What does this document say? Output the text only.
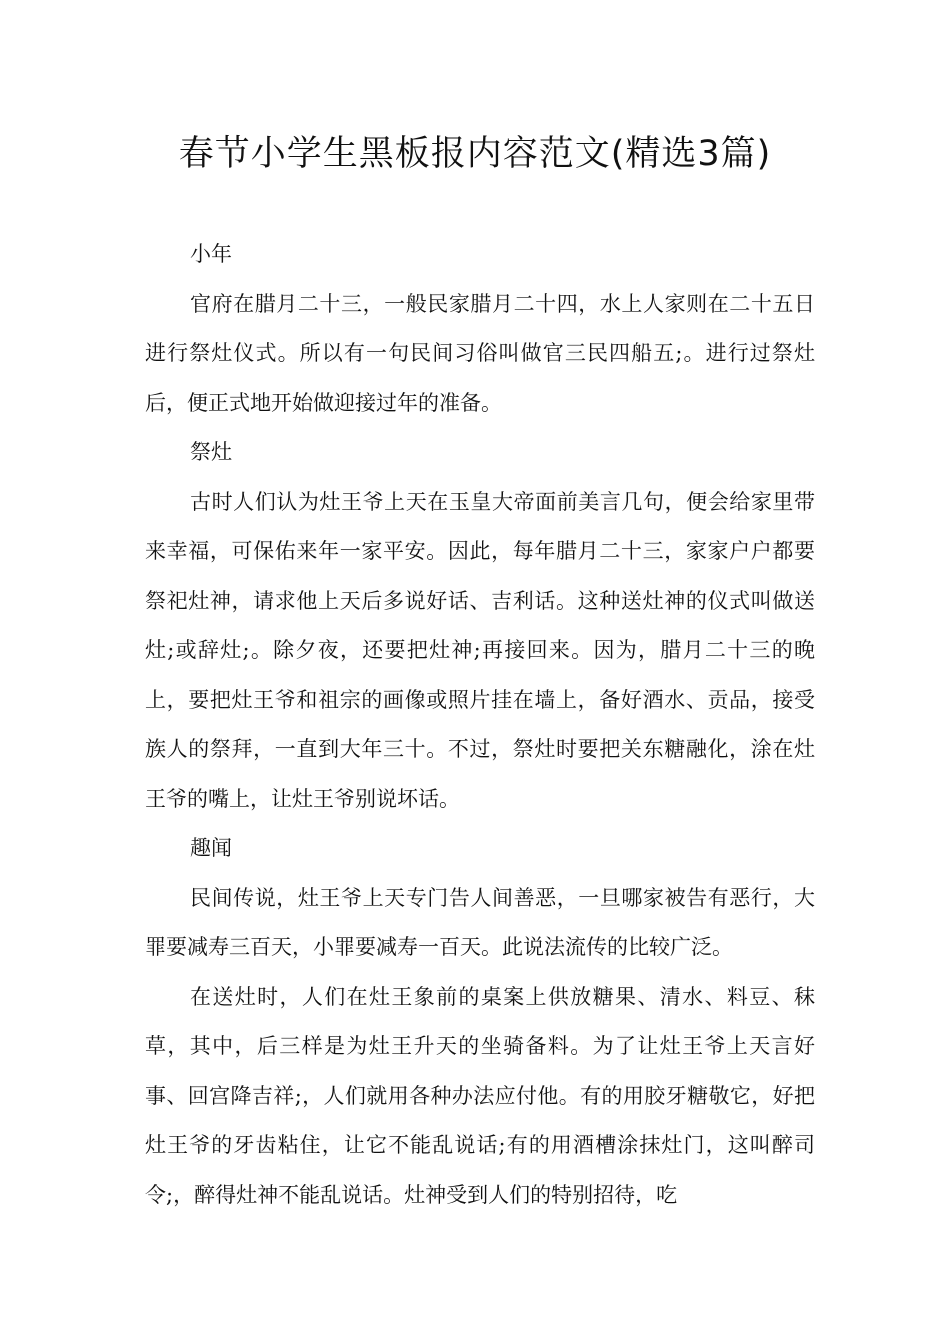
春节小学生黑板报内容范文(精选3篇)

小年

官府在腊月二十三，一般民家腊月二十四，水上人家则在二十五日进行祭灶仪式。所以有一句民间习俗叫做官三民四船五;。进行过祭灶后，便正式地开始做迎接过年的准备。

祭灶

古时人们认为灶王爷上天在玉皇大帝面前美言几句，便会给家里带来幸福，可保佑来年一家平安。因此，每年腊月二十三，家家户户都要祭祀灶神，请求他上天后多说好话、吉利话。这种送灶神的仪式叫做送灶;或辞灶;。除夕夜，还要把灶神;再接回来。因为，腊月二十三的晚上，要把灶王爷和祖宗的画像或照片挂在墙上，备好酒水、贡品，接受族人的祭拜，一直到大年三十。不过，祭灶时要把关东糖融化，涂在灶王爷的嘴上，让灶王爷别说坏话。

趣闻

民间传说，灶王爷上天专门告人间善恶，一旦哪家被告有恶行，大罪要减寿三百天，小罪要减寿一百天。此说法流传的比较广泛。

在送灶时，人们在灶王象前的桌案上供放糖果、清水、料豆、秣草，其中，后三样是为灶王升天的坐骑备料。为了让灶王爷上天言好事、回宫降吉祥;，人们就用各种办法应付他。有的用胶牙糖敬它，好把灶王爷的牙齿粘住，让它不能乱说话;有的用酒槽涂抹灶门，这叫醉司令;，醉得灶神不能乱说话。灶神受到人们的特别招待，吃
